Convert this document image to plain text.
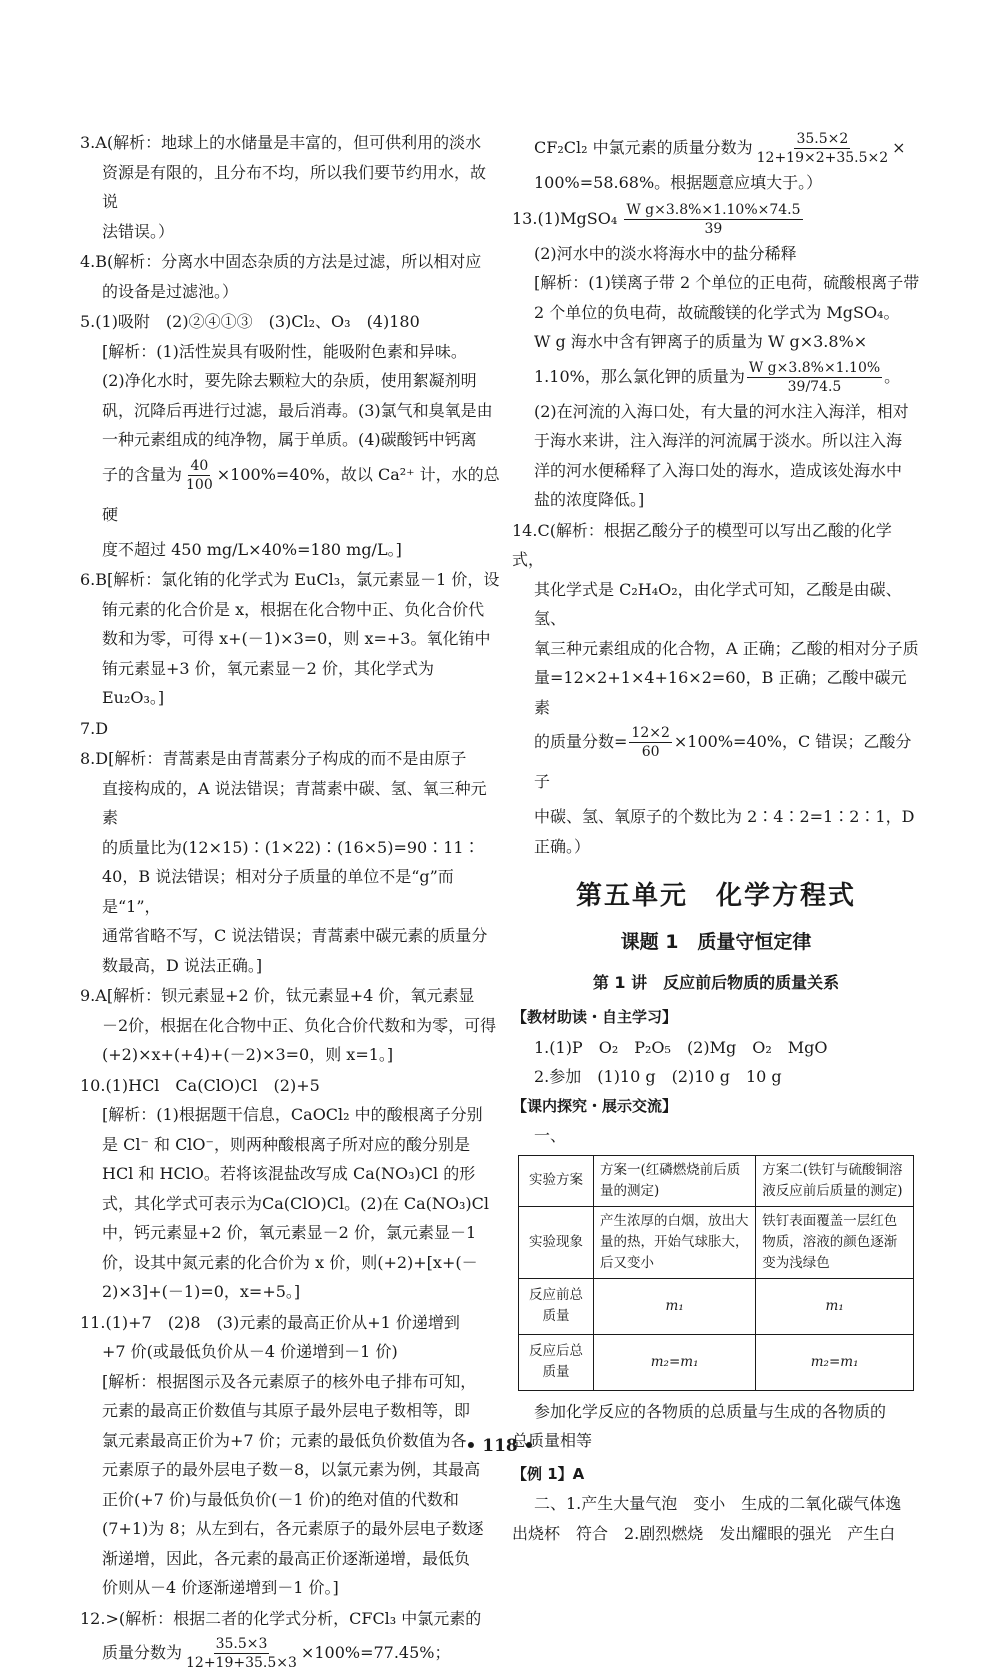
3.A(解析：地球上的水储量是丰富的，但可供利用的淡水

资源是有限的，且分布不均，所以我们要节约用水，故说

法错误。）

4.B(解析：分离水中固态杂质的方法是过滤，所以相对应

的设备是过滤池。）

5.(1)吸附　(2)②④①③　(3)Cl₂、O₃　(4)180

[解析：(1)活性炭具有吸附性，能吸附色素和异味。

(2)净化水时，要先除去颗粒大的杂质，使用絮凝剂明

矾，沉降后再进行过滤，最后消毒。(3)氯气和臭氧是由

一种元素组成的纯净物，属于单质。(4)碳酸钙中钙离

子的含量为 $\frac{40}{100} \times 100\%=40\%$，故以 Ca²⁺ 计，水的总硬

度不超过 450 mg/L×40%=180 mg/L。]

6.B[解析：氯化铕的化学式为 EuCl₃，氯元素显－1 价，设

铕元素的化合价是 x，根据在化合物中正、负化合价代

数和为零，可得 x+(－1)×3=0，则 x=+3。氧化铕中

铕元素显+3 价，氧元素显－2 价，其化学式为 Eu₂O₃。]

7.D

8.D[解析：青蒿素是由青蒿素分子构成的而不是由原子

直接构成的，A 说法错误；青蒿素中碳、氢、氧三种元素

的质量比为(12×15)∶(1×22)∶(16×5)=90∶11∶

40，B 说法错误；相对分子质量的单位不是“g”而是“1”，

通常省略不写，C 说法错误；青蒿素中碳元素的质量分

数最高，D 说法正确。]

9.A[解析：钡元素显+2 价，钛元素显+4 价，氧元素显

－2价，根据在化合物中正、负化合价代数和为零，可得

(+2)×x+(+4)+(－2)×3=0，则 x=1。]

10.(1)HCl　Ca(ClO)Cl　(2)+5

[解析：(1)根据题干信息，CaOCl₂ 中的酸根离子分别

是 Cl⁻ 和 ClO⁻，则两种酸根离子所对应的酸分别是

HCl 和 HClO。若将该混盐改写成 Ca(NO₃)Cl 的形

式，其化学式可表示为Ca(ClO)Cl。(2)在 Ca(NO₃)Cl

中，钙元素显+2 价，氧元素显－2 价，氯元素显－1

价，设其中氮元素的化合价为 x 价，则(+2)+[x+(－

2)×3]+(－1)=0，x=+5。]

11.(1)+7　(2)8　(3)元素的最高正价从+1 价递增到

+7 价(或最低负价从－4 价递增到－1 价)

[解析：根据图示及各元素原子的核外电子排布可知，

元素的最高正价数值与其原子最外层电子数相等，即

氯元素最高正价为+7 价；元素的最低负价数值为各

元素原子的最外层电子数－8，以氯元素为例，其最高

正价(+7 价)与最低负价(－1 价)的绝对值的代数和

(7+1)为 8；从左到右，各元素原子的最外层电子数逐

渐递增，因此，各元素的最高正价逐渐递增，最低负

价则从－4 价逐渐递增到－1 价。]

12.>(解析：根据二者的化学式分析，CFCl₃ 中氯元素的

质量分数为 $\frac{35.5\times 3}{12+19+35.5\times 3} \times 100\%=77.45\%$；

CF₂Cl₂ 中氯元素的质量分数为 $\frac{35.5\times 2}{12+19\times 2+35.5\times 2}$ ×

100%=58.68%。根据题意应填大于。）

13.(1)MgSO₄ $\frac{\text{W g×3.8\%×1.10\%×74.5}}{39}$

(2)河水中的淡水将海水中的盐分稀释

[解析：(1)镁离子带 2 个单位的正电荷，硫酸根离子带

2 个单位的负电荷，故硫酸镁的化学式为 MgSO₄。

W g 海水中含有钾离子的质量为 W g×3.8%×

1.10%，那么氯化钾的质量为 $\frac{\text{W g×3.8\%×1.10\%}}{39/74.5}$ 。

(2)在河流的入海口处，有大量的河水注入海洋，相对

于海水来讲，注入海洋的河流属于淡水。所以注入海

洋的河水便稀释了入海口处的海水，造成该处海水中

盐的浓度降低。]

14.C(解析：根据乙酸分子的模型可以写出乙酸的化学式，

其化学式是 C₂H₄O₂，由化学式可知，乙酸是由碳、氢、

氧三种元素组成的化合物，A 正确；乙酸的相对分子质

量=12×2+1×4+16×2=60，B 正确；乙酸中碳元素

的质量分数= $\frac{12\times 2}{60} \times 100\%=40\%$，C 错误；乙酸分子

中碳、氢、氧原子的个数比为 2∶4∶2=1∶2∶1，D

正确。）

第五单元　化学方程式
课题 1　质量守恒定律
第 1 讲　反应前后物质的质量关系
【教材助读・自主学习】

1.(1)P　O₂　P₂O₅　(2)Mg　O₂　MgO

2.参加　(1)10 g　(2)10 g　10 g

【课内探究・展示交流】

一、

实验方案	方案一(红磷燃烧前后质量的测定)	方案二(铁钉与硫酸铜溶液反应前后质量的测定)
实验现象	产生浓厚的白烟，放出大量的热，开始气球胀大，后又变小	铁钉表面覆盖一层红色物质，溶液的颜色逐渐变为浅绿色
反应前总质量	m₁	m₁
反应后总质量	m₂=m₁	m₂=m₁

参加化学反应的各物质的总质量与生成的各物质的

总质量相等

【例 1】A

二、1.产生大量气泡　变小　生成的二氧化碳气体逸

出烧杯　符合　2.剧烈燃烧　发出耀眼的强光　产生白

• 118 •
